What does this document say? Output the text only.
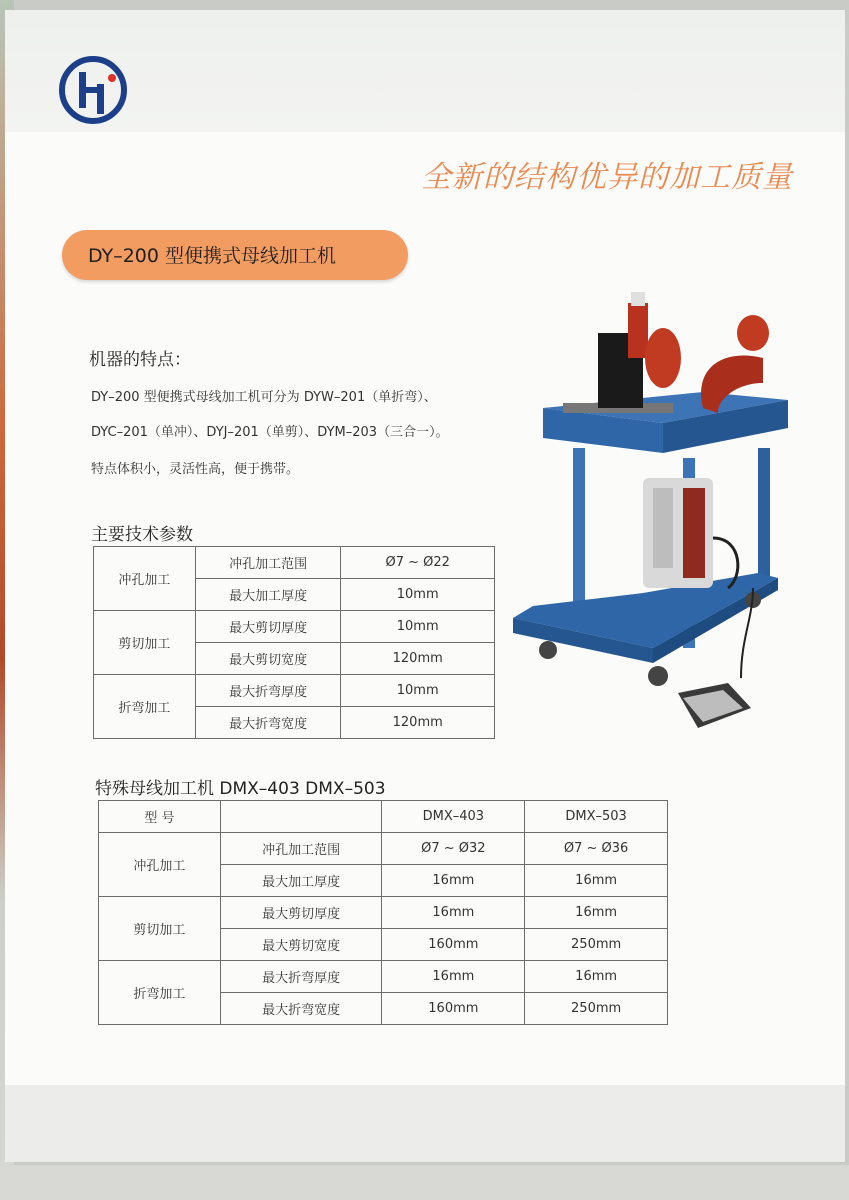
全新的结构优异的加工质量
DY–200 型便携式母线加工机
机器的特点：
DY–200 型便携式母线加工机可分为 DYW–201（单折弯）、
DYC–201（单冲）、DYJ–201（单剪）、DYM–203（三合一）。
特点体积小，灵活性高，便于携带。
主要技术参数
冲孔加工	冲孔加工范围	Ø7 ~ Ø22
	最大加工厚度	10mm
剪切加工	最大剪切厚度	10mm
	最大剪切宽度	120mm
折弯加工	最大折弯厚度	10mm
	最大折弯宽度	120mm
特殊母线加工机 DMX–403 DMX–503
型 号		DMX–403	DMX–503
冲孔加工	冲孔加工范围	Ø7 ~ Ø32	Ø7 ~ Ø36
	最大加工厚度	16mm	16mm
剪切加工	最大剪切厚度	16mm	16mm
	最大剪切宽度	160mm	250mm
折弯加工	最大折弯厚度	16mm	16mm
	最大折弯宽度	160mm	250mm
